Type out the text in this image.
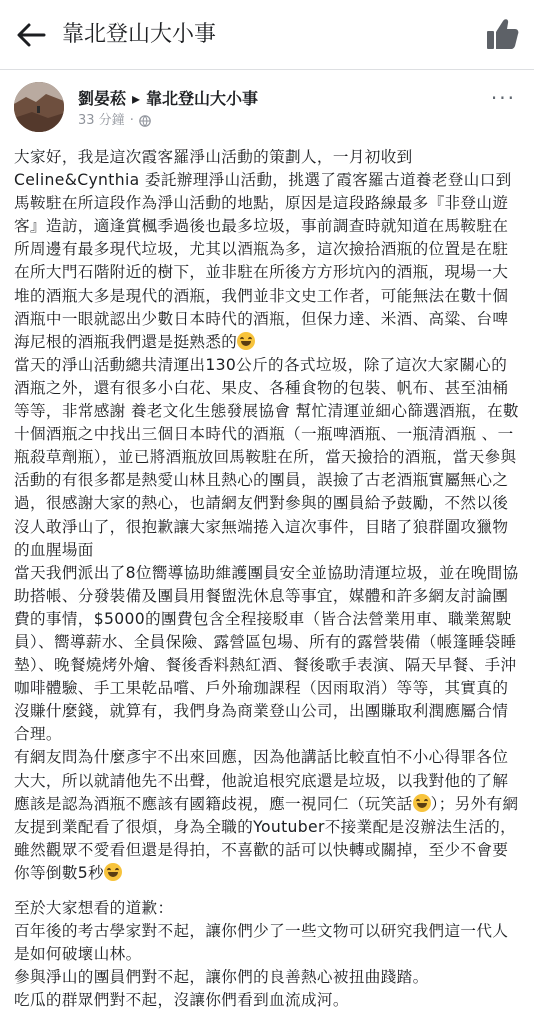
靠北登山大小事
劉晏菘 ▸ 靠北登山大小事
33 分鐘 ·
···

大家好，我是這次霞客羅淨山活動的策劃人，一月初收到Celine&Cynthia 委託辦理淨山活動，挑選了霞客羅古道養老登山口到馬鞍駐在所這段作為淨山活動的地點，原因是這段路線最多『非登山遊客』造訪，適逢賞楓季過後也最多垃圾，事前調查時就知道在馬鞍駐在所周邊有最多現代垃圾，尤其以酒瓶為多，這次撿拾酒瓶的位置是在駐在所大門石階附近的樹下，並非駐在所後方方形坑內的酒瓶，現場一大堆的酒瓶大多是現代的酒瓶，我們並非文史工作者，可能無法在數十個酒瓶中一眼就認出少數日本時代的酒瓶，但保力達、米酒、高粱、台啤海尼根的酒瓶我們還是挺熟悉的

當天的淨山活動總共清運出130公斤的各式垃圾，除了這次大家關心的酒瓶之外，還有很多小白花、果皮、各種食物的包裝、帆布、甚至油桶等等，非常感謝 養老文化生態發展協會 幫忙清運並細心篩選酒瓶，在數十個酒瓶之中找出三個日本時代的酒瓶（一瓶啤酒瓶、一瓶清酒瓶 、一瓶殺草劑瓶），並已將酒瓶放回馬鞍駐在所，當天撿拾的酒瓶，當天參與活動的有很多都是熱愛山林且熱心的團員，誤撿了古老酒瓶實屬無心之過，很感謝大家的熱心，也請網友們對參與的團員給予鼓勵，不然以後沒人敢淨山了，很抱歉讓大家無端捲入這次事件，目睹了狼群圍攻獵物的血腥場面

當天我們派出了8位嚮導協助維護團員安全並協助清運垃圾，並在晚間協助搭帳、分發裝備及團員用餐盥洗休息等事宜，媒體和許多網友討論團費的事情，$5000的團費包含全程接駁車（皆合法營業用車、職業駕駛員）、嚮導薪水、全員保險、露營區包場、所有的露營裝備（帳篷睡袋睡墊）、晚餐燒烤外燴、餐後香料熱紅酒、餐後歌手表演、隔天早餐、手沖咖啡體驗、手工果乾品嚐、戶外瑜珈課程（因雨取消）等等，其實真的沒賺什麼錢，就算有，我們身為商業登山公司，出團賺取利潤應屬合情合理。

有網友問為什麼彥宇不出來回應，因為他講話比較直怕不小心得罪各位大大，所以就請他先不出聲，他說追根究底還是垃圾，以我對他的了解應該是認為酒瓶不應該有國籍歧視，應一視同仁（玩笑話 ）；另外有網友提到業配看了很煩，身為全職的Youtuber不接業配是沒辦法生活的，雖然觀眾不愛看但還是得拍，不喜歡的話可以快轉或關掉，至少不會要你等倒數5秒

至於大家想看的道歉：

百年後的考古學家對不起，讓你們少了一些文物可以研究我們這一代人是如何破壞山林。

參與淨山的團員們對不起，讓你們的良善熱心被扭曲踐踏。

吃瓜的群眾們對不起，沒讓你們看到血流成河。
